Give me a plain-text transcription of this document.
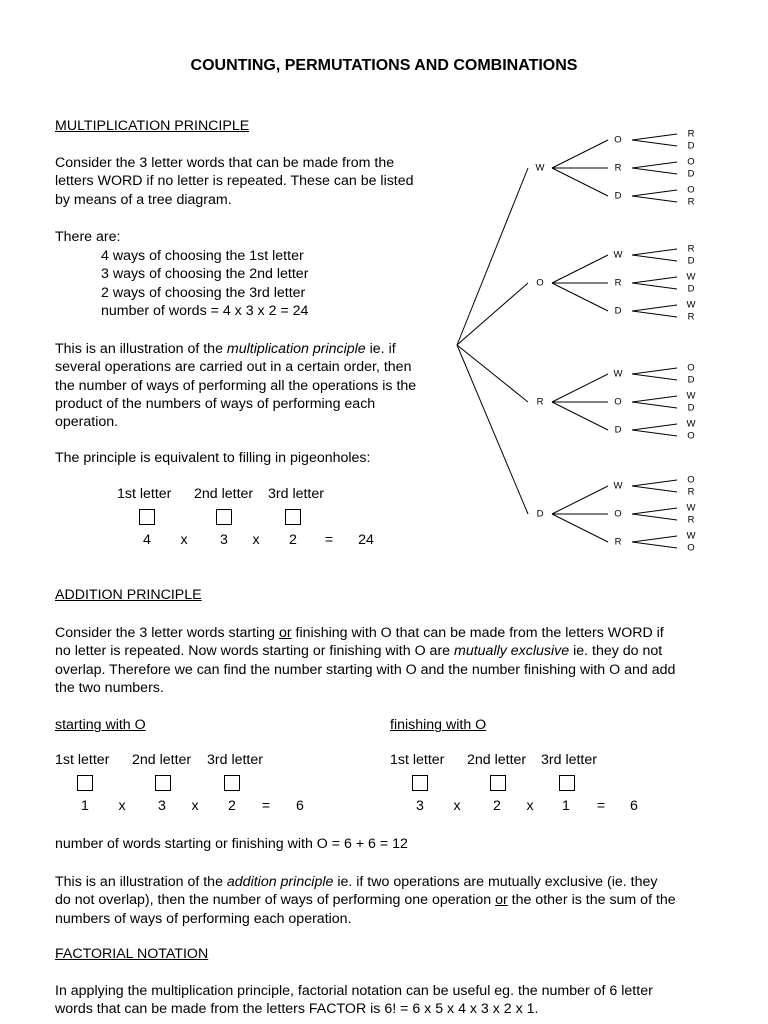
COUNTING, PERMUTATIONS AND COMBINATIONS
MULTIPLICATION PRINCIPLE
Consider the 3 letter words that can be made from the
letters WORD if no letter is repeated. These can be listed
by means of a tree diagram.
There are:
4 ways of choosing the 1st letter
3 ways of choosing the 2nd letter
2 ways of choosing the 3rd letter
number of words = 4 x 3 x 2 = 24
This is an illustration of the multiplication principle ie. if
several operations are carried out in a certain order, then
the number of ways of performing all the operations is the
product of the numbers of ways of performing each
operation.
The principle is equivalent to filling in pigeonholes:
1st letter 2nd letter 3rd letter
4 x 3 x 2 = 24
W
O
R
D
R
O
D
D
O
R
O
W
R
D
R
W
D
D
W
R
R
W
O
D
O
W
D
D
W
O
D
W
O
R
O
W
R
R
W
O
ADDITION PRINCIPLE
Consider the 3 letter words starting or finishing with O that can be made from the letters WORD if
no letter is repeated. Now words starting or finishing with O are mutually exclusive ie. they do not
overlap. Therefore we can find the number starting with O and the number finishing with O and add
the two numbers.
starting with O	finishing with O
1st letter 2nd letter 3rd letter	1st letter 2nd letter 3rd letter
1 x 3 x 2 = 6	3 x 2 x 1 = 6
number of words starting or finishing with O = 6 + 6 = 12
This is an illustration of the addition principle ie. if two operations are mutually exclusive (ie. they
do not overlap), then the number of ways of performing one operation or the other is the sum of the
numbers of ways of performing each operation.
FACTORIAL NOTATION
In applying the multiplication principle, factorial notation can be useful eg. the number of 6 letter
words that can be made from the letters FACTOR is 6! = 6 x 5 x 4 x 3 x 2 x 1.
